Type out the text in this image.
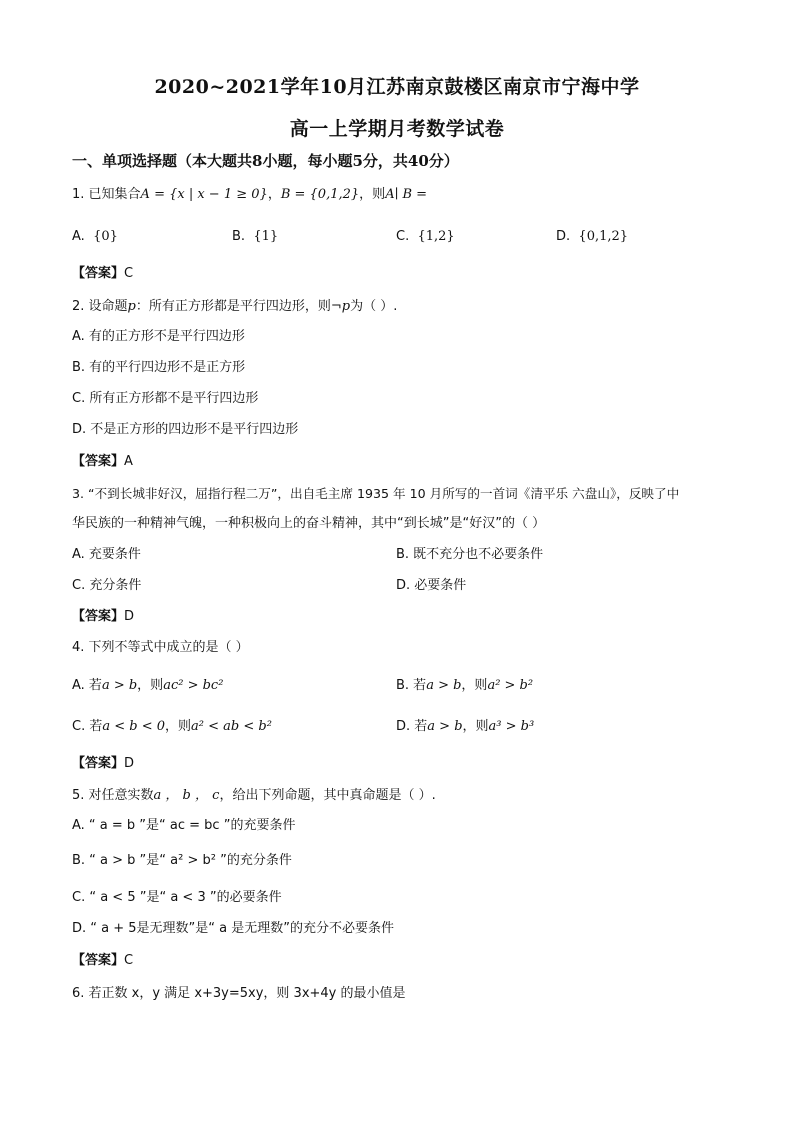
2020~2021学年10月江苏南京鼓楼区南京市宁海中学
高一上学期月考数学试卷
一、单项选择题（本大题共8小题，每小题5分，共40分）
1. 已知集合A = {x | x − 1 ≥ 0}，B = {0,1,2}，则A∣ B =
A. {0}	B. {1}	C. {1,2}	D. {0,1,2}
【答案】C
2. 设命题p：所有正方形都是平行四边形，则¬p为（ ）.
A. 有的正方形不是平行四边形
B. 有的平行四边形不是正方形
C. 所有正方形都不是平行四边形
D. 不是正方形的四边形不是平行四边形
【答案】A
3. “不到长城非好汉，屈指行程二万”，出自毛主席 1935 年 10 月所写的一首词《清平乐 六盘山》，反映了中
华民族的一种精神气魄，一种积极向上的奋斗精神，其中“到长城”是“好汉”的（ ）
A. 充要条件	B. 既不充分也不必要条件
C. 充分条件	D. 必要条件
【答案】D
4. 下列不等式中成立的是（ ）
A. 若a > b，则ac² > bc²	B. 若a > b，则a² > b²
C. 若a < b < 0，则a² < ab < b²	D. 若a > b，则a³ > b³
【答案】D
5. 对任意实数a ， b ， c，给出下列命题，其中真命题是（ ）.
A. “ a = b ”是“ ac = bc ”的充要条件
B. “ a > b ”是“ a² > b² ”的充分条件
C. “ a < 5 ”是“ a < 3 ”的必要条件
D. “ a + 5是无理数”是“ a 是无理数”的充分不必要条件
【答案】C
6. 若正数 x，y 满足 x+3y=5xy，则 3x+4y 的最小值是
